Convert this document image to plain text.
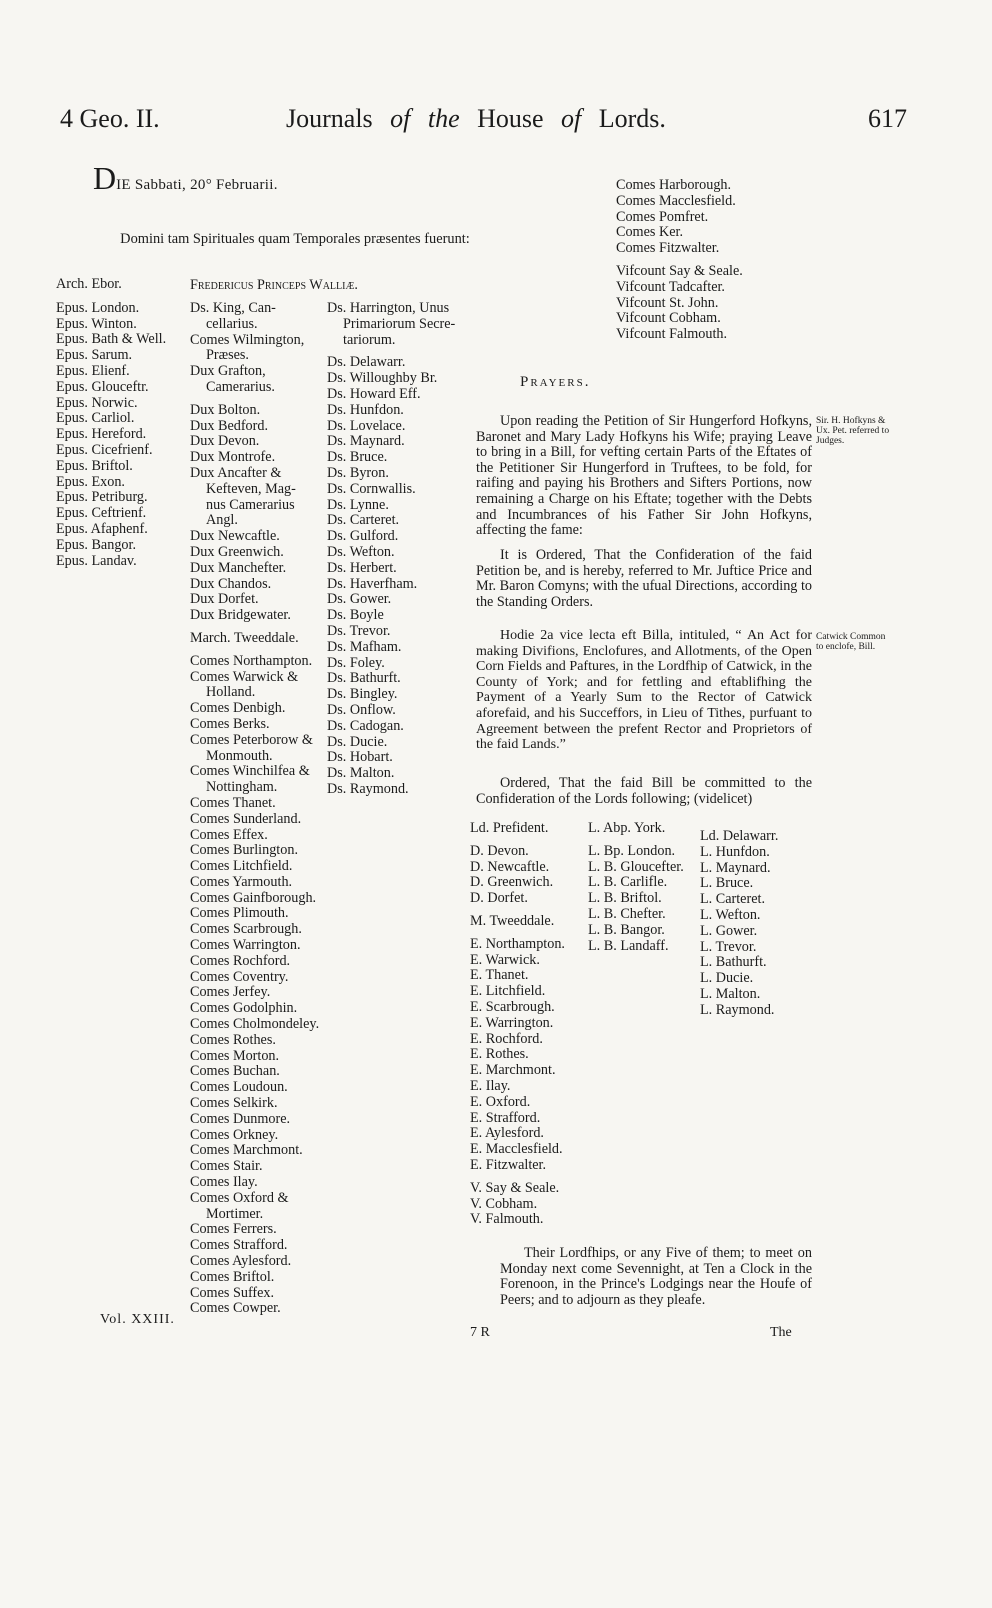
4 Geo. II.	Journals of the House of Lords.	617
DIE Sabbati, 20° Februarii.
Domini tam Spirituales quam Temporales præsentes fuerunt:
Fredericus Princeps Walliæ.
Arch. Ebor.
Epus. London.
Epus. Winton.
Epus. Bath & Well.
Epus. Sarum.
Epus. Elienf.
Epus. Glouceftr.
Epus. Norwic.
Epus. Carliol.
Epus. Hereford.
Epus. Cicefrienf.
Epus. Briftol.
Epus. Exon.
Epus. Petriburg.
Epus. Ceftrienf.
Epus. Afaphenf.
Epus. Bangor.
Epus. Landav.
Ds. King, Can-
cellarius.
Comes Wilmington,
Præses.
Dux Grafton,
Camerarius.
Dux Bolton.
Dux Bedford.
Dux Devon.
Dux Montrofe.
Dux Ancafter &
Kefteven, Mag-
nus Camerarius
Angl.
Dux Newcaftle.
Dux Greenwich.
Dux Manchefter.
Dux Chandos.
Dux Dorfet.
Dux Bridgewater.
March. Tweeddale.
Comes Northampton.
Comes Warwick &
Holland.
Comes Denbigh.
Comes Berks.
Comes Peterborow &
Monmouth.
Comes Winchilfea &
Nottingham.
Comes Thanet.
Comes Sunderland.
Comes Effex.
Comes Burlington.
Comes Litchfield.
Comes Yarmouth.
Comes Gainfborough.
Comes Plimouth.
Comes Scarbrough.
Comes Warrington.
Comes Rochford.
Comes Coventry.
Comes Jerfey.
Comes Godolphin.
Comes Cholmondeley.
Comes Rothes.
Comes Morton.
Comes Buchan.
Comes Loudoun.
Comes Selkirk.
Comes Dunmore.
Comes Orkney.
Comes Marchmont.
Comes Stair.
Comes Ilay.
Comes Oxford &
Mortimer.
Comes Ferrers.
Comes Strafford.
Comes Aylesford.
Comes Briftol.
Comes Suffex.
Comes Cowper.
Ds. Harrington, Unus
Primariorum Secre-
tariorum.
Ds. Delawarr.
Ds. Willoughby Br.
Ds. Howard Eff.
Ds. Hunfdon.
Ds. Lovelace.
Ds. Maynard.
Ds. Bruce.
Ds. Byron.
Ds. Cornwallis.
Ds. Lynne.
Ds. Carteret.
Ds. Gulford.
Ds. Wefton.
Ds. Herbert.
Ds. Haverfham.
Ds. Gower.
Ds. Boyle
Ds. Trevor.
Ds. Mafham.
Ds. Foley.
Ds. Bathurft.
Ds. Bingley.
Ds. Onflow.
Ds. Cadogan.
Ds. Ducie.
Ds. Hobart.
Ds. Malton.
Ds. Raymond.
Comes Harborough.
Comes Macclesfield.
Comes Pomfret.
Comes Ker.
Comes Fitzwalter.
Vifcount Say & Seale.
Vifcount Tadcafter.
Vifcount St. John.
Vifcount Cobham.
Vifcount Falmouth.
Prayers.

Upon reading the Petition of Sir Hungerford Hofkyns, Baronet and Mary Lady Hofkyns his Wife; praying Leave to bring in a Bill, for vefting certain Parts of the Eftates of the Petitioner Sir Hungerford in Truftees, to be fold, for raifing and paying his Brothers and Sifters Portions, now remaining a Charge on his Eftate; together with the Debts and Incumbrances of his Father Sir John Hofkyns, affecting the fame:

Sir. H. Hofkyns & Ux. Pet. referred to Judges.

It is Ordered, That the Confideration of the faid Petition be, and is hereby, referred to Mr. Juftice Price and Mr. Baron Comyns; with the ufual Directions, according to the Standing Orders.

Hodie 2a vice lecta eft Billa, intituled, “ An Act for making Divifions, Enclofures, and Allotments, of the Open Corn Fields and Paftures, in the Lordfhip of Catwick, in the County of York; and for fettling and eftablifhing the Payment of a Yearly Sum to the Rector of Catwick aforefaid, and his Succeffors, in Lieu of Tithes, purfuant to Agreement between the prefent Rector and Proprietors of the faid Lands.”

Catwick Common to enclofe, Bill.

Ordered, That the faid Bill be committed to the Confideration of the Lords following; (videlicet)

Ld. Prefident.
D. Devon.
D. Newcaftle.
D. Greenwich.
D. Dorfet.
M. Tweeddale.
E. Northampton.
E. Warwick.
E. Thanet.
E. Litchfield.
E. Scarbrough.
E. Warrington.
E. Rochford.
E. Rothes.
E. Marchmont.
E. Ilay.
E. Oxford.
E. Strafford.
E. Aylesford.
E. Macclesfield.
E. Fitzwalter.
V. Say & Seale.
V. Cobham.
V. Falmouth.
L. Abp. York.
L. Bp. London.
L. B. Gloucefter.
L. B. Carlifle.
L. B. Briftol.
L. B. Chefter.
L. B. Bangor.
L. B. Landaff.
Ld. Delawarr.
L. Hunfdon.
L. Maynard.
L. Bruce.
L. Carteret.
L. Wefton.
L. Gower.
L. Trevor.
L. Bathurft.
L. Ducie.
L. Malton.
L. Raymond.

Their Lordfhips, or any Five of them; to meet on Monday next come Sevennight, at Ten a Clock in the Forenoon, in the Prince's Lodgings near the Houfe of Peers; and to adjourn as they pleafe.

Vol. XXIII.
7 R	The
